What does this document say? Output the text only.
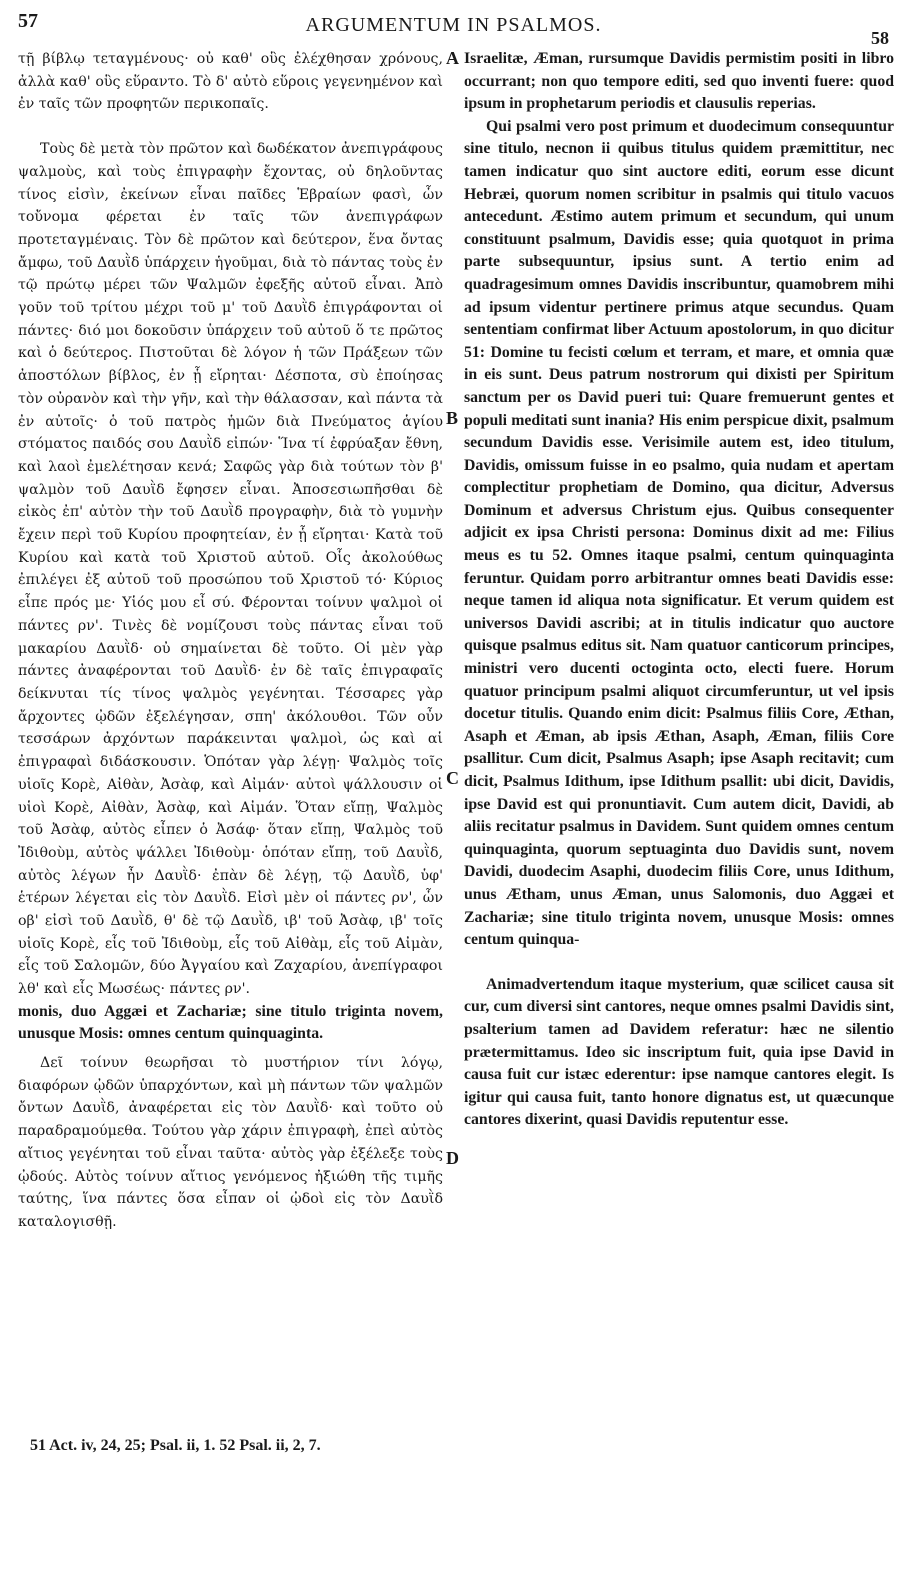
57	ARGUMENTUM IN PSALMOS.
58

τῇ βίβλῳ τεταγμένους· οὐ καθ' οὓς ἐλέχθησαν χρόνους, ἀλλὰ καθ' οὓς εὕραντο. Τὸ δ' αὐτὸ εὕροις γεγενημένον καὶ ἐν ταῖς τῶν προφητῶν περικοπαῖς.

Τοὺς δὲ μετὰ τὸν πρῶτον καὶ δωδέκατον ἀνεπιγράφους ψαλμοὺς, καὶ τοὺς ἐπιγραφὴν ἔχοντας, οὐ δηλοῦντας τίνος εἰσὶν, ἐκείνων εἶναι παῖδες Ἑβραίων φασὶ, ὧν τοὔνομα φέρεται ἐν ταῖς τῶν ἀνεπιγράφων προτεταγμέναις. Τὸν δὲ πρῶτον καὶ δεύτερον, ἕνα ὄντας ἄμφω, τοῦ Δαυῒδ ὑπάρχειν ἡγοῦμαι, διὰ τὸ πάντας τοὺς ἐν τῷ πρώτῳ μέρει τῶν Ψαλμῶν ἐφεξῆς αὐτοῦ εἶναι. Ἀπὸ γοῦν τοῦ τρίτου μέχρι τοῦ μ' τοῦ Δαυῒδ ἐπιγράφονται οἱ πάντες· διό μοι δοκοῦσιν ὑπάρχειν τοῦ αὐτοῦ ὅ τε πρῶτος καὶ ὁ δεύτερος. Πιστοῦται δὲ λόγον ἡ τῶν Πράξεων τῶν ἀποστόλων βίβλος, ἐν ᾗ εἴρηται· Δέσποτα, σὺ ἐποίησας τὸν οὐρανὸν καὶ τὴν γῆν, καὶ τὴν θάλασσαν, καὶ πάντα τὰ ἐν αὐτοῖς· ὁ τοῦ πατρὸς ἡμῶν διὰ Πνεύματος ἁγίου στόματος παιδός σου Δαυῒδ εἰπών· Ἵνα τί ἐφρύαξαν ἔθνη, καὶ λαοὶ ἐμελέτησαν κενά; Σαφῶς γὰρ διὰ τούτων τὸν β' ψαλμὸν τοῦ Δαυῒδ ἔφησεν εἶναι. Ἀποσεσιωπῆσθαι δὲ εἰκὸς ἐπ' αὐτὸν τὴν τοῦ Δαυῒδ προγραφὴν, διὰ τὸ γυμνὴν ἔχειν περὶ τοῦ Κυρίου προφητείαν, ἐν ᾗ εἴρηται· Κατὰ τοῦ Κυρίου καὶ κατὰ τοῦ Χριστοῦ αὐτοῦ. Οἷς ἀκολούθως ἐπιλέγει ἐξ αὐτοῦ τοῦ προσώπου τοῦ Χριστοῦ τό· Κύριος εἶπε πρός με· Υἱός μου εἶ σύ. Φέρονται τοίνυν ψαλμοὶ οἱ πάντες ρν'. Τινὲς δὲ νομίζουσι τοὺς πάντας εἶναι τοῦ μακαρίου Δαυῒδ· οὐ σημαίνεται δὲ τοῦτο. Οἱ μὲν γὰρ πάντες ἀναφέρονται τοῦ Δαυῒδ· ἐν δὲ ταῖς ἐπιγραφαῖς δείκνυται τίς τίνος ψαλμὸς γεγένηται. Τέσσαρες γὰρ ἄρχοντες ᾠδῶν ἐξελέγησαν, σπη' ἀκόλουθοι. Τῶν οὖν τεσσάρων ἀρχόντων παράκεινται ψαλμοὶ, ὡς καὶ αἱ ἐπιγραφαὶ διδάσκουσιν. Ὁπόταν γὰρ λέγῃ· Ψαλμὸς τοῖς υἱοῖς Κορὲ, Αἰθὰν, Ἀσὰφ, καὶ Αἰμάν· αὐτοὶ ψάλλουσιν οἱ υἱοὶ Κορὲ, Αἰθὰν, Ἀσὰφ, καὶ Αἰμάν. Ὅταν εἴπῃ, Ψαλμὸς τοῦ Ἀσὰφ, αὐτὸς εἶπεν ὁ Ἀσάφ· ὅταν εἴπῃ, Ψαλμὸς τοῦ Ἰδιθοὺμ, αὐτὸς ψάλλει Ἰδιθοὺμ· ὁπόταν εἴπῃ, τοῦ Δαυῒδ, αὐτὸς λέγων ἦν Δαυῒδ· ἐπὰν δὲ λέγῃ, τῷ Δαυῒδ, ὑφ' ἑτέρων λέγεται εἰς τὸν Δαυῒδ. Εἰσὶ μὲν οἱ πάντες ρν', ὧν οβ' εἰσὶ τοῦ Δαυῒδ, θ' δὲ τῷ Δαυῒδ, ιβ' τοῦ Ἀσὰφ, ιβ' τοῖς υἱοῖς Κορὲ, εἷς τοῦ Ἰδιθοὺμ, εἷς τοῦ Αἰθὰμ, εἷς τοῦ Αἰμὰν, εἷς τοῦ Σαλομῶν, δύο Ἀγγαίου καὶ Ζαχαρίου, ἀνεπίγραφοι λθ' καὶ εἷς Μωσέως· πάντες ρν'.

monis, duo Aggæi et Zachariæ; sine titulo triginta novem, unusque Mosis: omnes centum quinquaginta.

Δεῖ τοίνυν θεωρῆσαι τὸ μυστήριον τίνι λόγῳ, διαφόρων ᾠδῶν ὑπαρχόντων, καὶ μὴ πάντων τῶν ψαλμῶν ὄντων Δαυῒδ, ἀναφέρεται εἰς τὸν Δαυῒδ· καὶ τοῦτο οὐ παραδραμούμεθα. Τούτου γὰρ χάριν ἐπιγραφὴ, ἐπεὶ αὐτὸς αἴτιος γεγένηται τοῦ εἶναι ταῦτα· αὐτὸς γὰρ ἐξέλεξε τοὺς ᾠδούς. Αὐτὸς τοίνυν αἴτιος γενόμενος ἠξιώθη τῆς τιμῆς ταύτης, ἵνα πάντες ὅσα εἶπαν οἱ ᾠδοὶ εἰς τὸν Δαυῒδ καταλογισθῇ.

Israelitæ, Æman, rursumque Davidis permistim positi in libro occurrant; non quo tempore editi, sed quo inventi fuere: quod ipsum in prophetarum periodis et clausulis reperias.

Qui psalmi vero post primum et duodecimum consequuntur sine titulo, necnon ii quibus titulus quidem præmittitur, nec tamen indicatur quo sint auctore editi, eorum esse dicunt Hebræi, quorum nomen scribitur in psalmis qui titulo vacuos antecedunt. Æstimo autem primum et secundum, qui unum constituunt psalmum, Davidis esse; quia quotquot in prima parte subsequuntur, ipsius sunt. A tertio enim ad quadragesimum omnes Davidis inscribuntur, quamobrem mihi ad ipsum videntur pertinere primus atque secundus. Quam sententiam confirmat liber Actuum apostolorum, in quo dicitur 51: Domine tu fecisti cœlum et terram, et mare, et omnia quæ in eis sunt. Deus patrum nostrorum qui dixisti per Spiritum sanctum per os David pueri tui: Quare fremuerunt gentes et populi meditati sunt inania? His enim perspicue dixit, psalmum secundum Davidis esse. Verisimile autem est, ideo titulum, Davidis, omissum fuisse in eo psalmo, quia nudam et apertam complectitur prophetiam de Domino, qua dicitur, Adversus Dominum et adversus Christum ejus. Quibus consequenter adjicit ex ipsa Christi persona: Dominus dixit ad me: Filius meus es tu 52. Omnes itaque psalmi, centum quinquaginta feruntur. Quidam porro arbitrantur omnes beati Davidis esse: neque tamen id aliqua nota significatur. Et verum quidem est universos Davidi ascribi; at in titulis indicatur quo auctore quisque psalmus editus sit. Nam quatuor canticorum principes, ministri vero ducenti octoginta octo, electi fuere. Horum quatuor principum psalmi aliquot circumferuntur, ut vel ipsis docetur titulis. Quando enim dicit: Psalmus filiis Core, Æthan, Asaph et Æman, ab ipsis Æthan, Asaph, Æman, filiis Core psallitur. Cum dicit, Psalmus Asaph; ipse Asaph recitavit; cum dicit, Psalmus Idithum, ipse Idithum psallit: ubi dicit, Davidis, ipse David est qui pronuntiavit. Cum autem dicit, Davidi, ab aliis recitatur psalmus in Davidem. Sunt quidem omnes centum quinquaginta, quorum septuaginta duo Davidis sunt, novem Davidi, duodecim Asaphi, duodecim filiis Core, unus Idithum, unus Ætham, unus Æman, unus Salomonis, duo Aggæi et Zachariæ; sine titulo triginta novem, unusque Mosis: omnes centum quinqua-

Animadvertendum itaque mysterium, quæ scilicet causa sit cur, cum diversi sint cantores, neque omnes psalmi Davidis sint, psalterium tamen ad Davidem referatur: hæc ne silentio prætermittamus. Ideo sic inscriptum fuit, quia ipse David in causa fuit cur istæc ederentur: ipse namque cantores elegit. Is igitur qui causa fuit, tanto honore dignatus est, ut quæcunque cantores dixerint, quasi Davidis reputentur esse.

A
B
C
D
51 Act. iv, 24, 25; Psal. ii, 1. 52 Psal. ii, 2, 7.
